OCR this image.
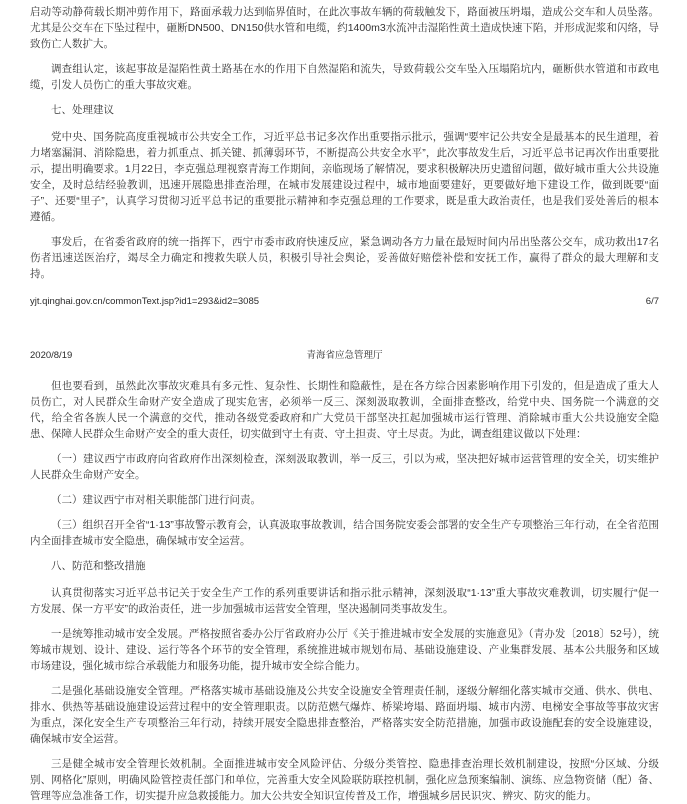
启动等动静荷载长期冲剪作用下，路面承载力达到临界值时，在此次事故车辆的荷载触发下，路面被压坍塌，造成公交车和人员坠落。尤其是公交车在下坠过程中，砸断DN500、DN150供水管和电缆，约1400m3水流冲击湿陷性黄土造成快速下陷，并形成泥浆和闪络，导致伤亡人数扩大。

调查组认定，该起事故是湿陷性黄土路基在水的作用下自然湿陷和流失，导致荷载公交车坠入压塌陷坑内，砸断供水管道和市政电缆，引发人员伤亡的重大事故灾难。

七、处理建议

党中央、国务院高度重视城市公共安全工作，习近平总书记多次作出重要指示批示，强调“要牢记公共安全是最基本的民生道理，着力堵塞漏洞、消除隐患，着力抓重点、抓关键、抓薄弱环节，不断提高公共安全水平”，此次事故发生后，习近平总书记再次作出重要批示，提出明确要求。1月22日，李克强总理视察青海工作期间，亲临现场了解情况，要求积极解决历史遗留问题，做好城市重大公共设施安全，及时总结经验教训，迅速开展隐患排查治理，在城市发展建设过程中，城市地面要建好，更要做好地下建设工作，做到既要“面子”、还要“里子”，认真学习贯彻习近平总书记的重要批示精神和李克强总理的工作要求，既是重大政治责任，也是我们妥处善后的根本遵循。

事发后，在省委省政府的统一指挥下，西宁市委市政府快速反应，紧急调动各方力量在最短时间内吊出坠落公交车，成功救出17名伤者迅速送医治疗，竭尽全力确定和搜救失联人员，积极引导社会舆论，妥善做好赔偿补偿和安抚工作，赢得了群众的最大理解和支持。

yjt.qinghai.gov.cn/commonText.jsp?id1=293&id2=3085	6/7
2020/8/19	青海省应急管理厅

但也要看到，虽然此次事故灾难具有多元性、复杂性、长期性和隐蔽性，是在各方综合因素影响作用下引发的，但是造成了重大人员伤亡，对人民群众生命财产安全造成了现实危害，必须举一反三、深刻汲取教训，全面排查整改，给党中央、国务院一个满意的交代，给全省各族人民一个满意的交代，推动各级党委政府和广大党员干部坚决扛起加强城市运行管理、消除城市重大公共设施安全隐患、保障人民群众生命财产安全的重大责任，切实做到守土有责、守土担责、守土尽责。为此，调查组建议做以下处理：

（一）建议西宁市政府向省政府作出深刻检查，深刻汲取教训，举一反三，引以为戒，坚决把好城市运营管理的安全关，切实维护人民群众生命财产安全。

（二）建议西宁市对相关职能部门进行问责。

（三）组织召开全省“1·13”事故警示教育会，认真汲取事故教训，结合国务院安委会部署的安全生产专项整治三年行动，在全省范围内全面排查城市安全隐患，确保城市安全运营。

八、防范和整改措施

认真贯彻落实习近平总书记关于安全生产工作的系列重要讲话和指示批示精神，深刻汲取“1·13”重大事故灾难教训，切实履行“促一方发展、保一方平安”的政治责任，进一步加强城市运营安全管理，坚决遏制同类事故发生。

一是统筹推动城市安全发展。严格按照省委办公厅省政府办公厅《关于推进城市安全发展的实施意见》（青办发〔2018〕52号），统筹城市规划、设计、建设、运行等各个环节的安全管理，系统推进城市规划布局、基础设施建设、产业集群发展、基本公共服务和区域市场建设，强化城市综合承载能力和服务功能，提升城市安全综合能力。

二是强化基础设施安全管理。严格落实城市基础设施及公共安全设施安全管理责任制，逐级分解细化落实城市交通、供水、供电、排水、供热等基础设施建设运营过程中的安全管理职责。以防范燃气爆炸、桥梁垮塌、路面坍塌、城市内涝、电梯安全事故等事故灾害为重点，深化安全生产专项整治三年行动，持续开展安全隐患排查整治，严格落实安全防范措施，加强市政设施配套的安全设施建设，确保城市安全运营。

三是健全城市安全管理长效机制。全面推进城市安全风险评估、分级分类管控、隐患排查治理长效机制建设，按照“分区域、分级别、网格化”原则，明确风险管控责任部门和单位，完善重大安全风险联防联控机制，强化应急预案编制、演练、应急物资储（配）备、管理等应急准备工作，切实提升应急救援能力。加大公共安全知识宣传普及工作，增强城乡居民识灾、辨灾、防灾的能力。
